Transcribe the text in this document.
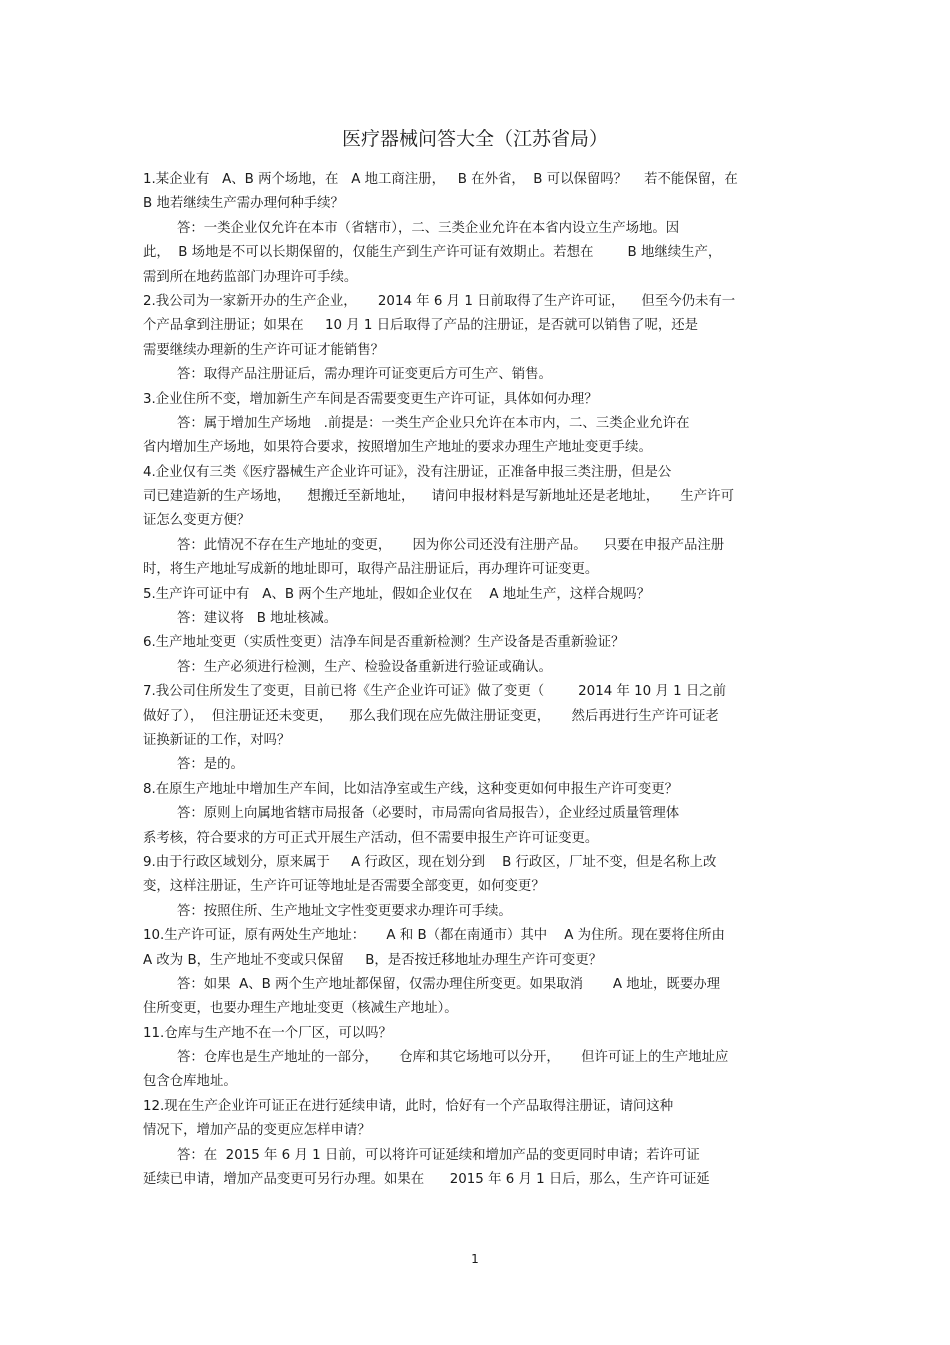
医疗器械问答大全（江苏省局）
1.某企业有   A、B 两个场地，在   A 地工商注册，   B 在外省，  B 可以保留吗？    若不能保留，在
B 地若继续生产需办理何种手续？
答：一类企业仅允许在本市（省辖市），二、三类企业允许在本省内设立生产场地。因
此，  B 场地是不可以长期保留的，仅能生产到生产许可证有效期止。若想在        B 地继续生产，
需到所在地药监部门办理许可手续。
2.我公司为一家新开办的生产企业，     2014 年 6 月 1 日前取得了生产许可证，    但至今仍未有一
个产品拿到注册证；如果在     10 月 1 日后取得了产品的注册证，是否就可以销售了呢，还是
需要继续办理新的生产许可证才能销售？
答：取得产品注册证后，需办理许可证变更后方可生产、销售。
3.企业住所不变，增加新生产车间是否需要变更生产许可证，具体如何办理？
答：属于增加生产场地   .前提是：一类生产企业只允许在本市内，二、三类企业允许在
省内增加生产场地，如果符合要求，按照增加生产地址的要求办理生产地址变更手续。
4.企业仅有三类《医疗器械生产企业许可证》，没有注册证，正准备申报三类注册，但是公
司已建造新的生产场地，    想搬迁至新地址，    请问申报材料是写新地址还是老地址，     生产许可
证怎么变更方便？
答：此情况不存在生产地址的变更，     因为你公司还没有注册产品。    只要在申报产品注册
时，将生产地址写成新的地址即可，取得产品注册证后，再办理许可证变更。
5.生产许可证中有   A、B 两个生产地址，假如企业仅在    A 地址生产，这样合规吗？
答：建议将   B 地址核减。
6.生产地址变更（实质性变更）洁净车间是否重新检测？生产设备是否重新验证？
答：生产必须进行检测，生产、检验设备重新进行验证或确认。
7.我公司住所发生了变更，目前已将《生产企业许可证》做了变更（        2014 年 10 月 1 日之前
做好了），  但注册证还未变更，    那么我们现在应先做注册证变更，     然后再进行生产许可证老
证换新证的工作，对吗？
答：是的。
8.在原生产地址中增加生产车间，比如洁净室或生产线，这种变更如何申报生产许可变更？
答：原则上向属地省辖市局报备（必要时，市局需向省局报告），企业经过质量管理体
系考核，符合要求的方可正式开展生产活动，但不需要申报生产许可证变更。
9.由于行政区域划分，原来属于     A 行政区，现在划分到    B 行政区，厂址不变，但是名称上改
变，这样注册证，生产许可证等地址是否需要全部变更，如何变更？
答：按照住所、生产地址文字性变更要求办理许可手续。
10.生产许可证，原有两处生产地址：     A 和 B（都在南通市）其中    A 为住所。现在要将住所由
A 改为 B，生产地址不变或只保留     B，是否按迁移地址办理生产许可变更？
答：如果  A、B 两个生产地址都保留，仅需办理住所变更。如果取消       A 地址，既要办理
住所变更，也要办理生产地址变更（核减生产地址）。
11.仓库与生产地不在一个厂区，可以吗？
答：仓库也是生产地址的一部分，     仓库和其它场地可以分开，     但许可证上的生产地址应
包含仓库地址。
12.现在生产企业许可证正在进行延续申请，此时，恰好有一个产品取得注册证，请问这种
情况下，增加产品的变更应怎样申请？
答：在  2015 年 6 月 1 日前，可以将许可证延续和增加产品的变更同时申请；若许可证
延续已申请，增加产品变更可另行办理。如果在      2015 年 6 月 1 日后，那么，生产许可证延
1
